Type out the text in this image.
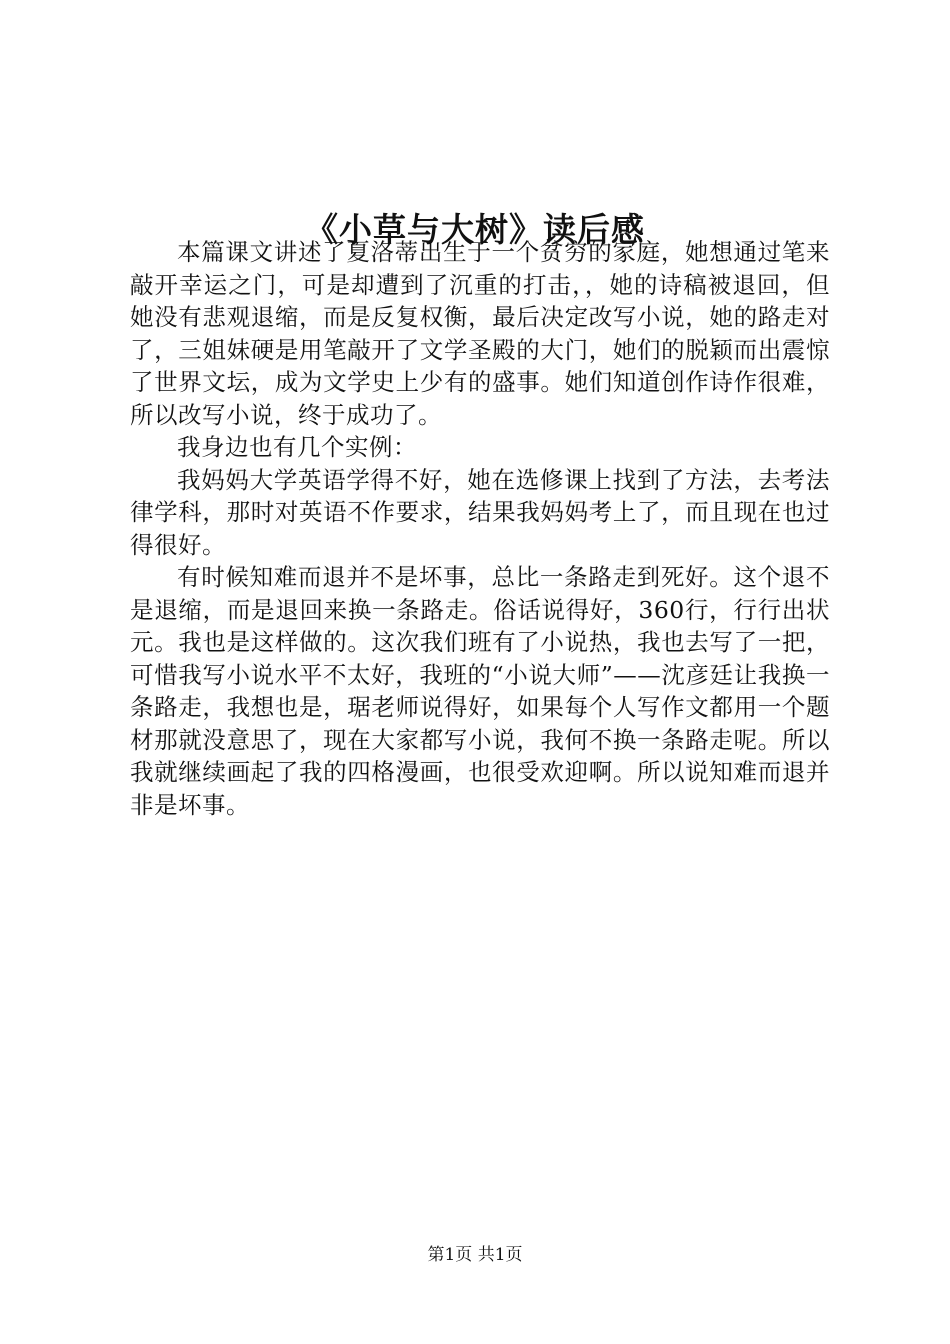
《小草与大树》读后感

本篇课文讲述了夏洛蒂出生于一个贫穷的家庭，她想通过笔来敲开幸运之门，可是却遭到了沉重的打击，，她的诗稿被退回，但她没有悲观退缩，而是反复权衡，最后决定改写小说，她的路走对了，三姐妹硬是用笔敲开了文学圣殿的大门，她们的脱颖而出震惊了世界文坛，成为文学史上少有的盛事。她们知道创作诗作很难，所以改写小说，终于成功了。

我身边也有几个实例：

我妈妈大学英语学得不好，她在选修课上找到了方法，去考法律学科，那时对英语不作要求，结果我妈妈考上了，而且现在也过得很好。

有时候知难而退并不是坏事，总比一条路走到死好。这个退不是退缩，而是退回来换一条路走。俗话说得好，360行，行行出状元。我也是这样做的。这次我们班有了小说热，我也去写了一把，可惜我写小说水平不太好，我班的“小说大师”——沈彦廷让我换一条路走，我想也是，琚老师说得好，如果每个人写作文都用一个题材那就没意思了，现在大家都写小说，我何不换一条路走呢。所以我就继续画起了我的四格漫画，也很受欢迎啊。所以说知难而退并非是坏事。

第1页 共1页
